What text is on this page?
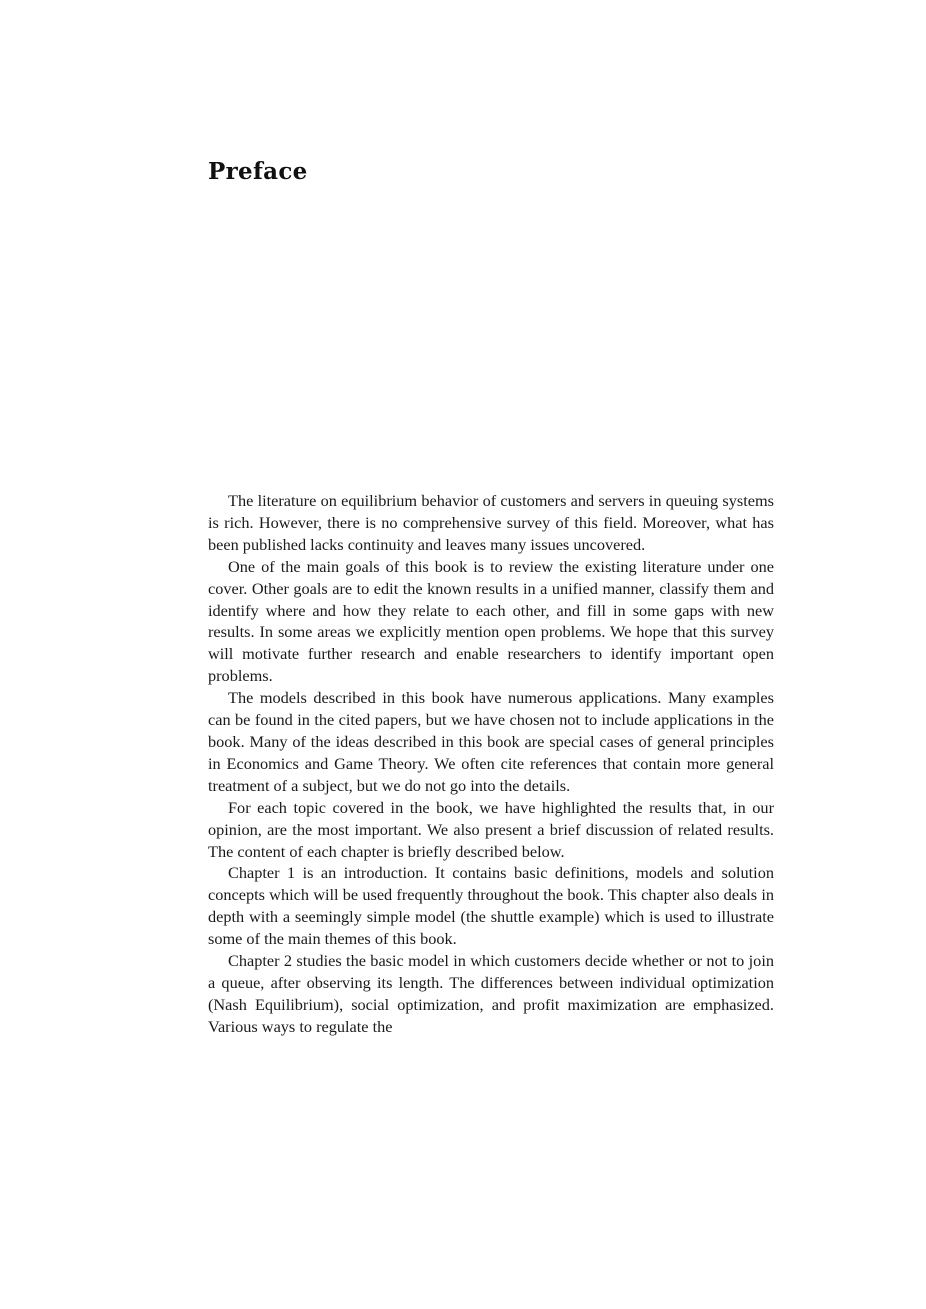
Preface

The literature on equilibrium behavior of customers and servers in queuing systems is rich. However, there is no comprehensive survey of this field. Moreover, what has been published lacks continuity and leaves many issues uncovered.

One of the main goals of this book is to review the existing literature under one cover. Other goals are to edit the known results in a unified manner, classify them and identify where and how they relate to each other, and fill in some gaps with new results. In some areas we explicitly mention open problems. We hope that this survey will motivate further research and enable researchers to identify important open problems.

The models described in this book have numerous applications. Many examples can be found in the cited papers, but we have chosen not to include applications in the book. Many of the ideas described in this book are special cases of general principles in Economics and Game Theory. We often cite references that contain more general treatment of a subject, but we do not go into the details.

For each topic covered in the book, we have highlighted the results that, in our opinion, are the most important. We also present a brief discussion of related results. The content of each chapter is briefly described below.

Chapter 1 is an introduction. It contains basic definitions, models and solution concepts which will be used frequently throughout the book. This chapter also deals in depth with a seemingly simple model (the shuttle example) which is used to illustrate some of the main themes of this book.

Chapter 2 studies the basic model in which customers decide whether or not to join a queue, after observing its length. The differences between individual optimization (Nash Equilibrium), social optimization, and profit maximization are emphasized. Various ways to regulate the
